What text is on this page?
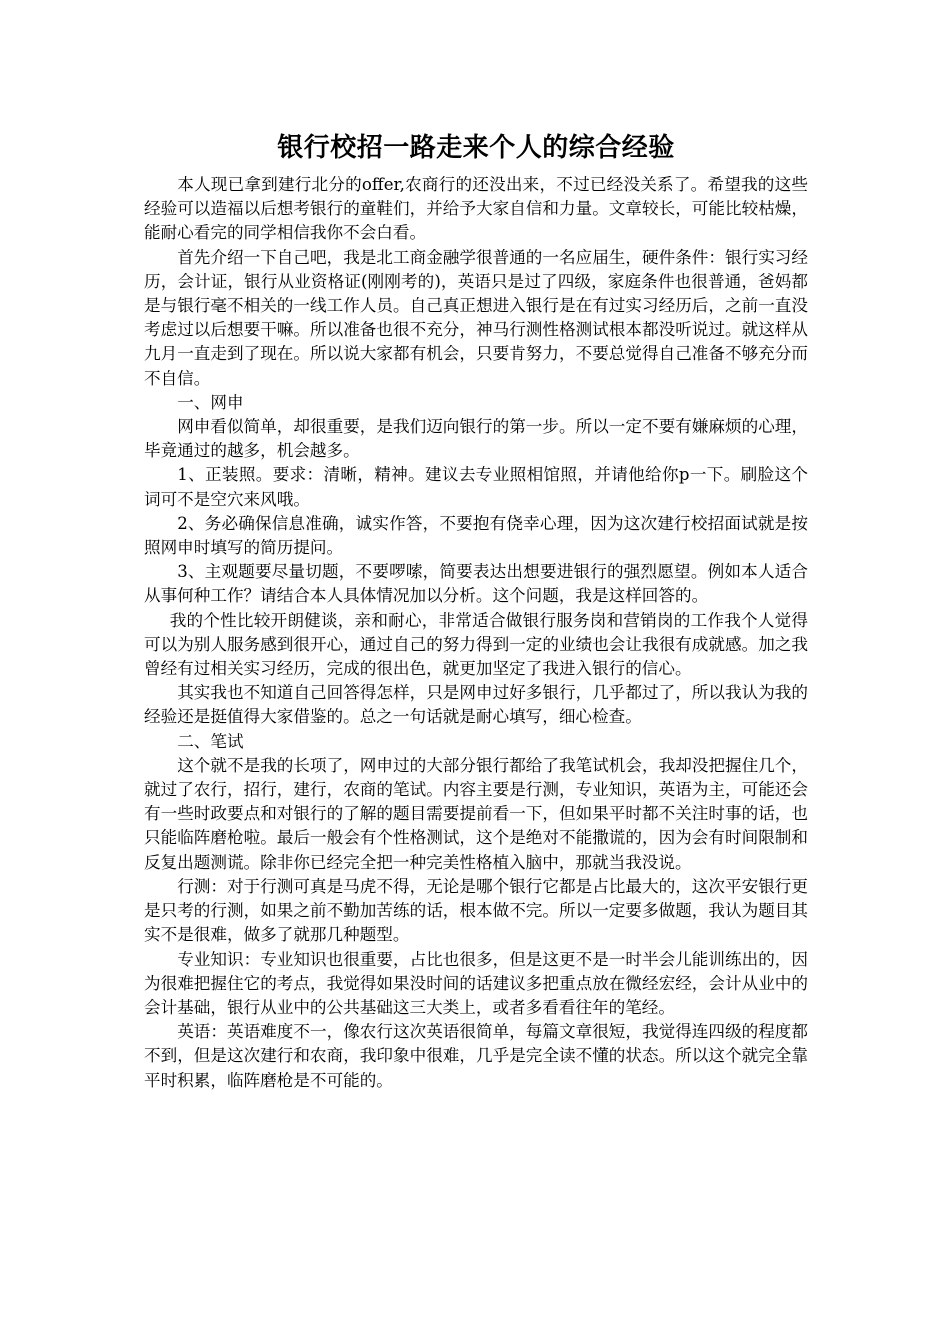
银行校招一路走来个人的综合经验

本人现已拿到建行北分的offer,农商行的还没出来，不过已经没关系了。希望我的这些经验可以造福以后想考银行的童鞋们，并给予大家自信和力量。文章较长，可能比较枯燥，能耐心看完的同学相信我你不会白看。

首先介绍一下自己吧，我是北工商金融学很普通的一名应届生，硬件条件：银行实习经历，会计证，银行从业资格证(刚刚考的)，英语只是过了四级，家庭条件也很普通，爸妈都是与银行毫不相关的一线工作人员。自己真正想进入银行是在有过实习经历后，之前一直没考虑过以后想要干嘛。所以准备也很不充分，神马行测性格测试根本都没听说过。就这样从九月一直走到了现在。所以说大家都有机会，只要肯努力，不要总觉得自己准备不够充分而不自信。

一、网申

网申看似简单，却很重要，是我们迈向银行的第一步。所以一定不要有嫌麻烦的心理，毕竟通过的越多，机会越多。

1、正装照。要求：清晰，精神。建议去专业照相馆照，并请他给你p一下。刷脸这个词可不是空穴来风哦。

2、务必确保信息准确，诚实作答，不要抱有侥幸心理，因为这次建行校招面试就是按照网申时填写的简历提问。

3、主观题要尽量切题，不要啰嗦，简要表达出想要进银行的强烈愿望。例如本人适合从事何种工作？请结合本人具体情况加以分析。这个问题，我是这样回答的。

我的个性比较开朗健谈，亲和耐心，非常适合做银行服务岗和营销岗的工作我个人觉得可以为别人服务感到很开心，通过自己的努力得到一定的业绩也会让我很有成就感。加之我曾经有过相关实习经历，完成的很出色，就更加坚定了我进入银行的信心。

其实我也不知道自己回答得怎样，只是网申过好多银行，几乎都过了，所以我认为我的经验还是挺值得大家借鉴的。总之一句话就是耐心填写，细心检查。

二、笔试

这个就不是我的长项了，网申过的大部分银行都给了我笔试机会，我却没把握住几个，就过了农行，招行，建行，农商的笔试。内容主要是行测，专业知识，英语为主，可能还会有一些时政要点和对银行的了解的题目需要提前看一下，但如果平时都不关注时事的话，也只能临阵磨枪啦。最后一般会有个性格测试，这个是绝对不能撒谎的，因为会有时间限制和反复出题测谎。除非你已经完全把一种完美性格植入脑中，那就当我没说。

行测：对于行测可真是马虎不得，无论是哪个银行它都是占比最大的，这次平安银行更是只考的行测，如果之前不勤加苦练的话，根本做不完。所以一定要多做题，我认为题目其实不是很难，做多了就那几种题型。

专业知识：专业知识也很重要，占比也很多，但是这更不是一时半会儿能训练出的，因为很难把握住它的考点，我觉得如果没时间的话建议多把重点放在微经宏经，会计从业中的会计基础，银行从业中的公共基础这三大类上，或者多看看往年的笔经。

英语：英语难度不一，像农行这次英语很简单，每篇文章很短，我觉得连四级的程度都不到，但是这次建行和农商，我印象中很难，几乎是完全读不懂的状态。所以这个就完全靠平时积累，临阵磨枪是不可能的。
